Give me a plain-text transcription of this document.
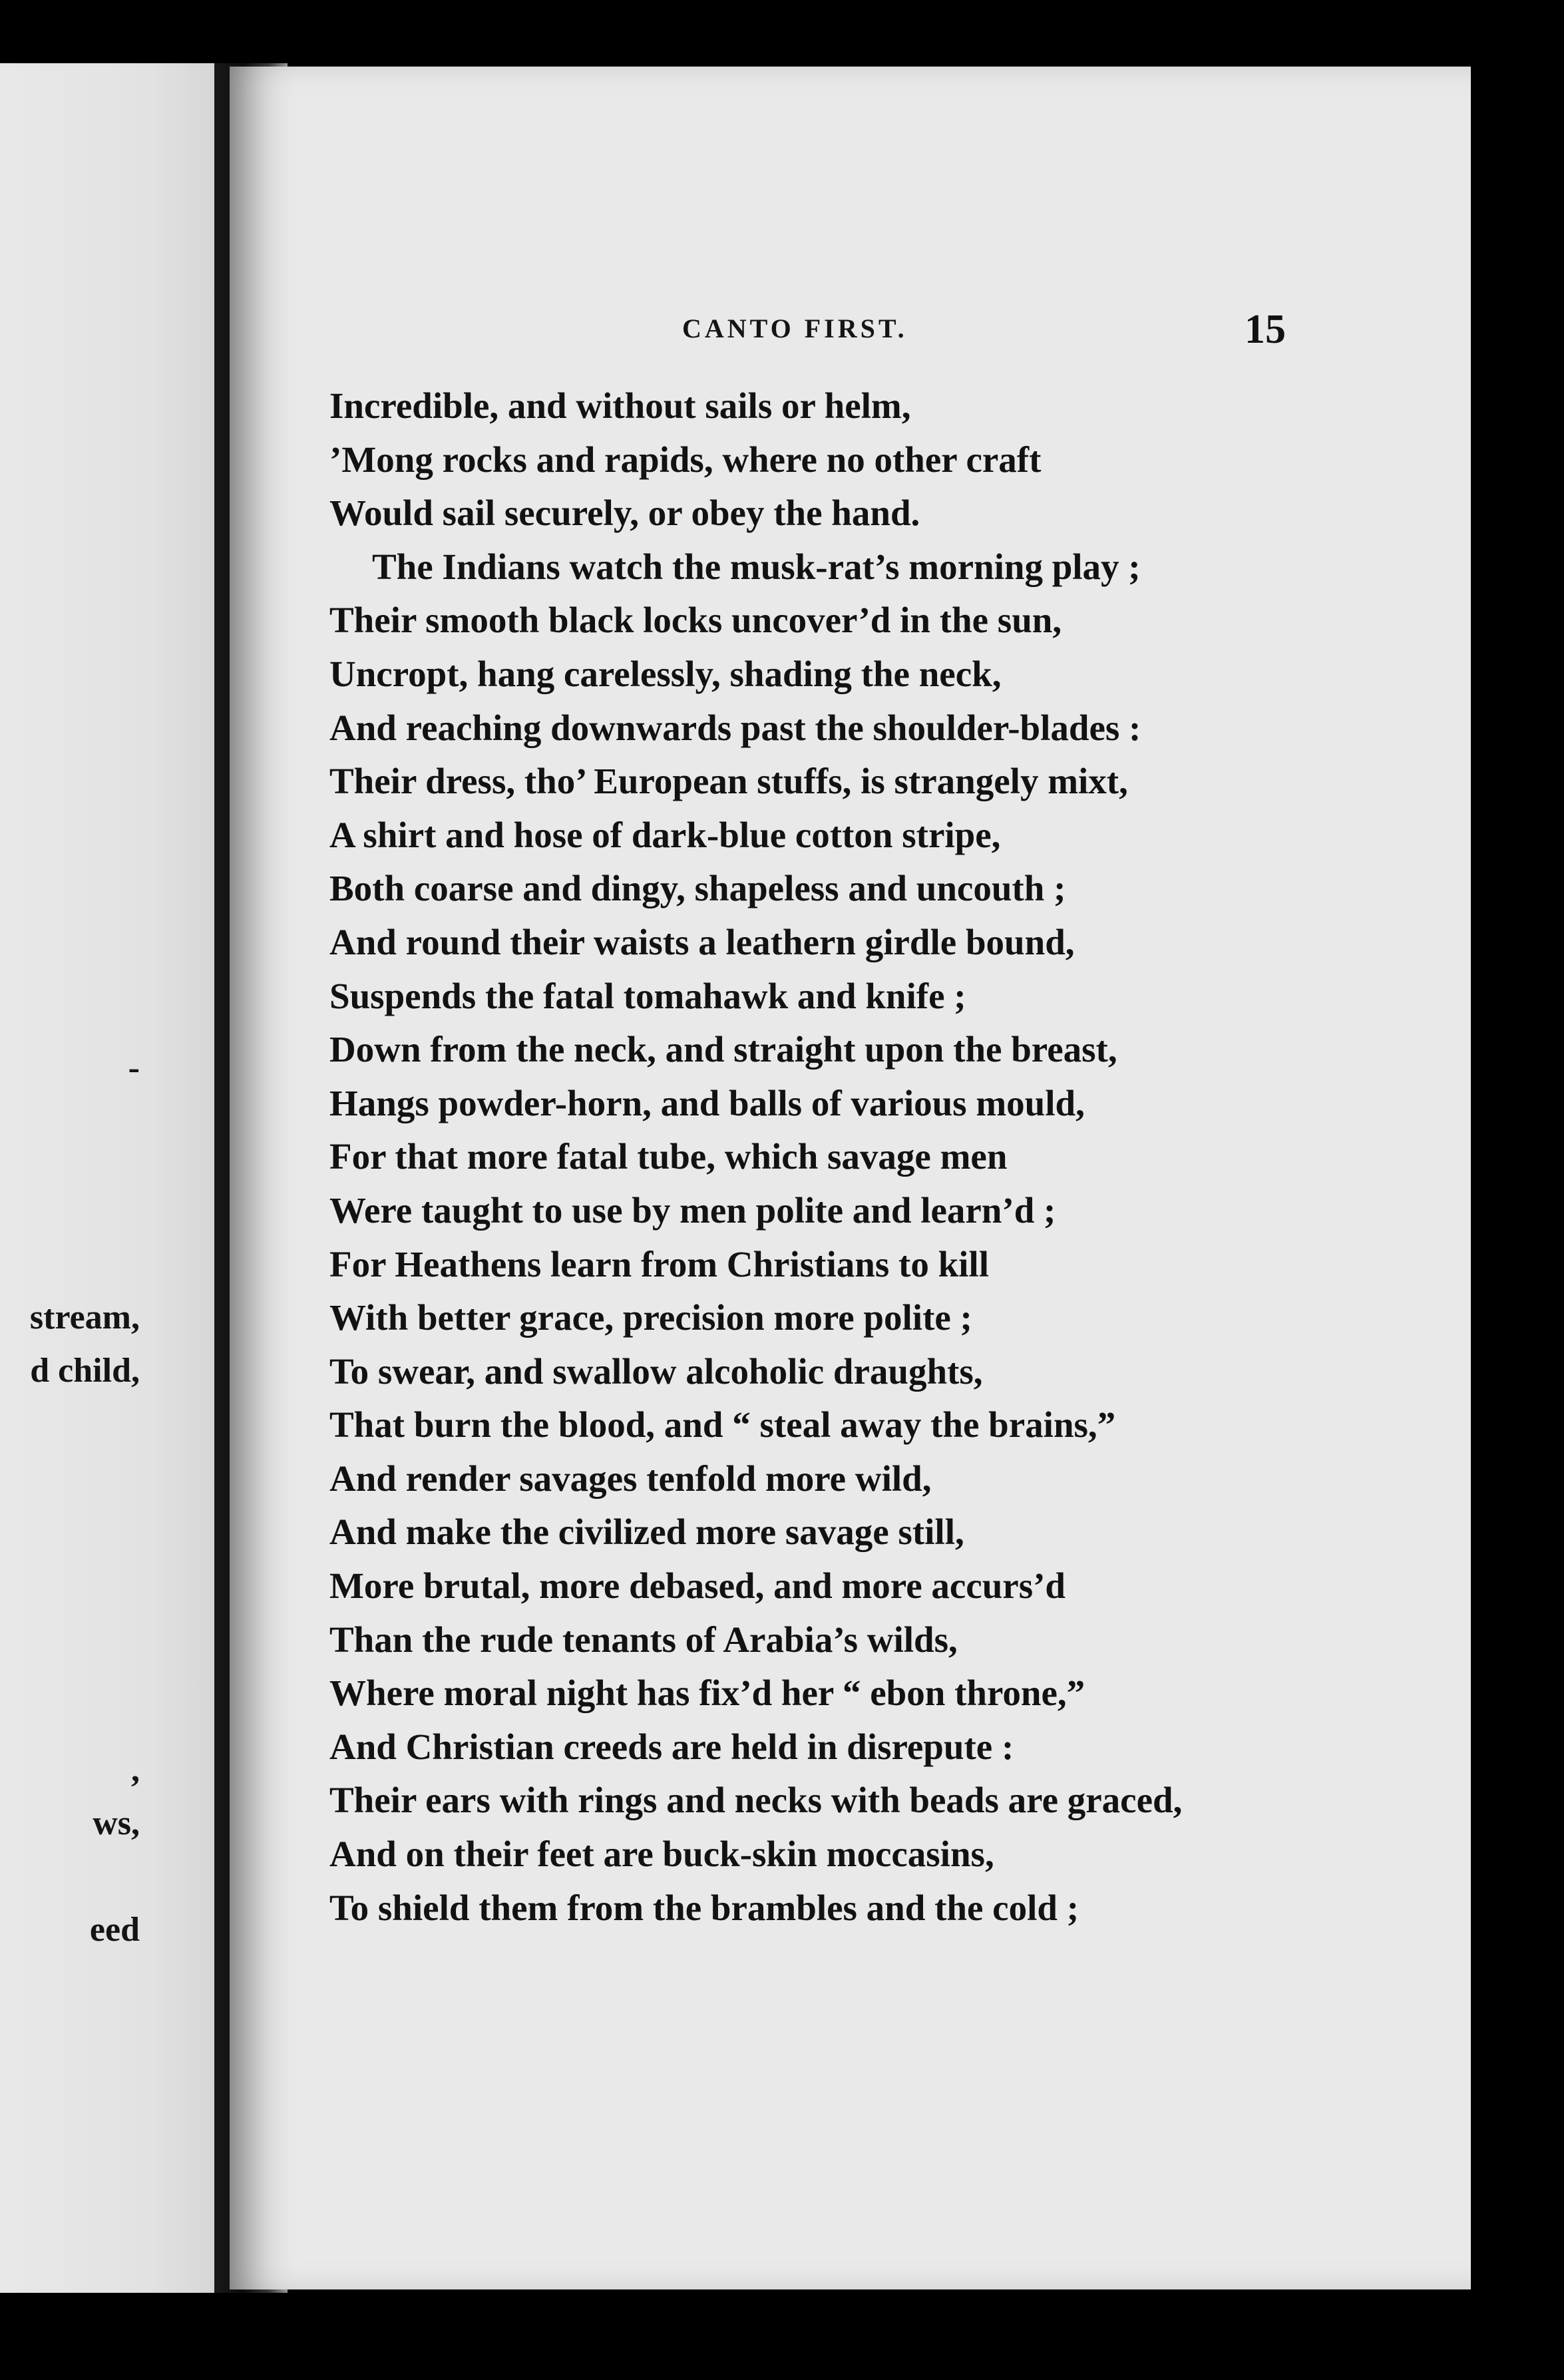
-
stream,
d child,
,
ws,
eed
CANTO FIRST.	15
Incredible, and without sails or helm,
’Mong rocks and rapids, where no other craft
Would sail securely, or obey the hand.
The Indians watch the musk-rat’s morning play ;
Their smooth black locks uncover’d in the sun,
Uncropt, hang carelessly, shading the neck,
And reaching downwards past the shoulder-blades :
Their dress, tho’ European stuffs, is strangely mixt,
A shirt and hose of dark-blue cotton stripe,
Both coarse and dingy, shapeless and uncouth ;
And round their waists a leathern girdle bound,
Suspends the fatal tomahawk and knife ;
Down from the neck, and straight upon the breast,
Hangs powder-horn, and balls of various mould,
For that more fatal tube, which savage men
Were taught to use by men polite and learn’d ;
For Heathens learn from Christians to kill
With better grace, precision more polite ;
To swear, and swallow alcoholic draughts,
That burn the blood, and “ steal away the brains,”
And render savages tenfold more wild,
And make the civilized more savage still,
More brutal, more debased, and more accurs’d
Than the rude tenants of Arabia’s wilds,
Where moral night has fix’d her “ ebon throne,”
And Christian creeds are held in disrepute :
Their ears with rings and necks with beads are graced,
And on their feet are buck-skin moccasins,
To shield them from the brambles and the cold ;
